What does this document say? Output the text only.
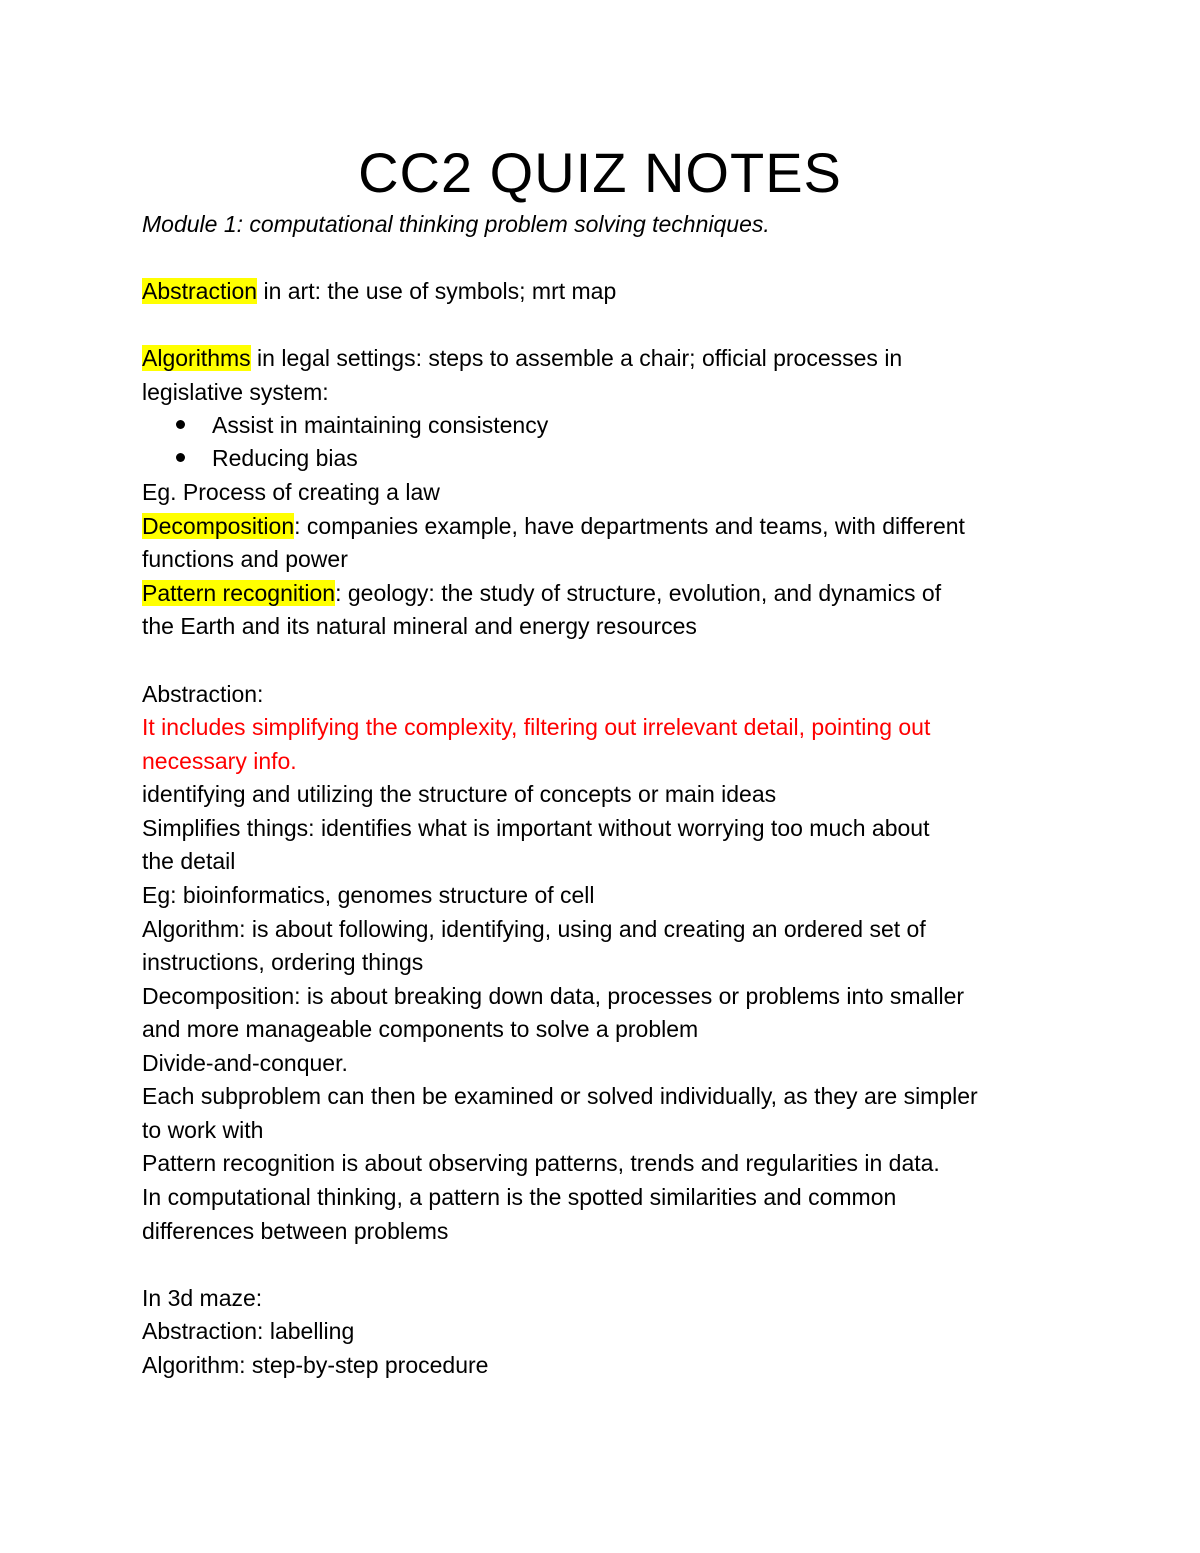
CC2 QUIZ NOTES
Module 1: computational thinking problem solving techniques.
Abstraction in art: the use of symbols; mrt map
Algorithms in legal settings: steps to assemble a chair; official processes in
legislative system:
Assist in maintaining consistency
Reducing bias
Eg. Process of creating a law
Decomposition: companies example, have departments and teams, with different
functions and power
Pattern recognition: geology: the study of structure, evolution, and dynamics of
the Earth and its natural mineral and energy resources
Abstraction:
It includes simplifying the complexity, filtering out irrelevant detail, pointing out
necessary info.
identifying and utilizing the structure of concepts or main ideas
Simplifies things: identifies what is important without worrying too much about
the detail
Eg: bioinformatics, genomes structure of cell
Algorithm: is about following, identifying, using and creating an ordered set of
instructions, ordering things
Decomposition: is about breaking down data, processes or problems into smaller
and more manageable components to solve a problem
Divide-and-conquer.
Each subproblem can then be examined or solved individually, as they are simpler
to work with
Pattern recognition is about observing patterns, trends and regularities in data.
In computational thinking, a pattern is the spotted similarities and common
differences between problems
In 3d maze:
Abstraction: labelling
Algorithm: step-by-step procedure
